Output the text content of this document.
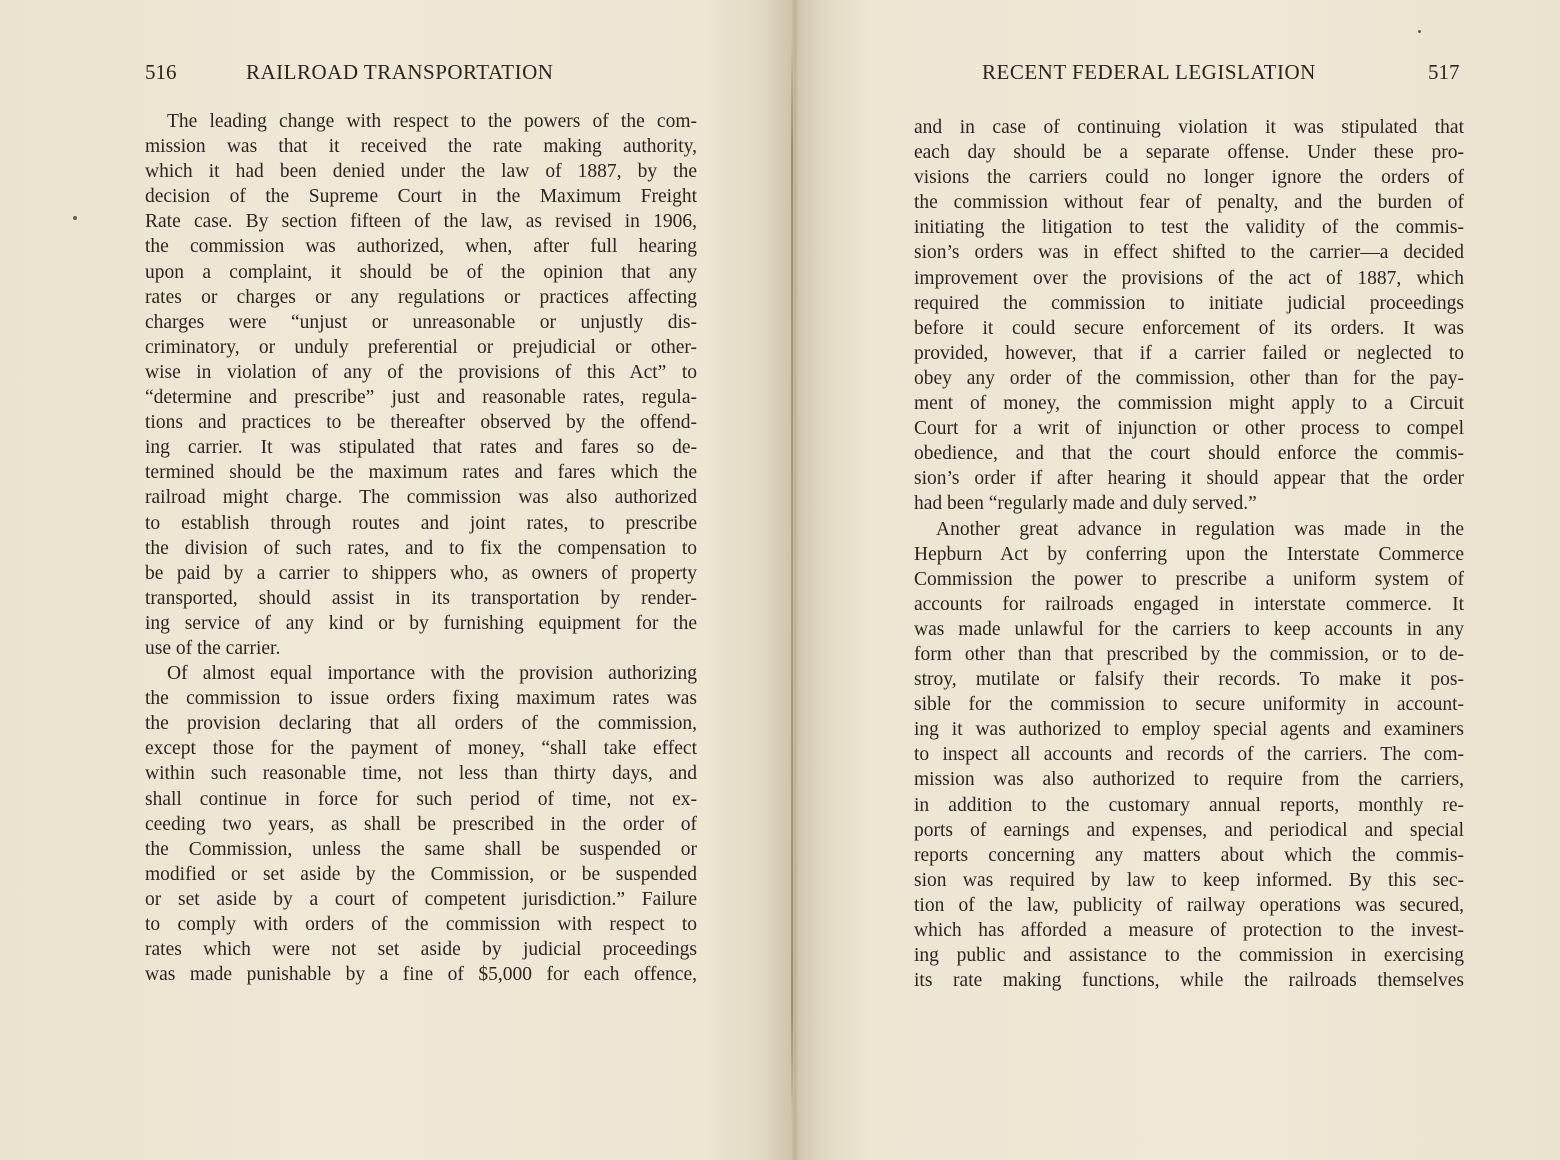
516	RAILROAD TRANSPORTATION
The leading change with respect to the powers of the com-
mission was that it received the rate making authority,
which it had been denied under the law of 1887, by the
decision of the Supreme Court in the Maximum Freight
Rate case. By section fifteen of the law, as revised in 1906,
the commission was authorized, when, after full hearing
upon a complaint, it should be of the opinion that any
rates or charges or any regulations or practices affecting
charges were “unjust or unreasonable or unjustly dis-
criminatory, or unduly preferential or prejudicial or other-
wise in violation of any of the provisions of this Act” to
“determine and prescribe” just and reasonable rates, regula-
tions and practices to be thereafter observed by the offend-
ing carrier. It was stipulated that rates and fares so de-
termined should be the maximum rates and fares which the
railroad might charge. The commission was also authorized
to establish through routes and joint rates, to prescribe
the division of such rates, and to fix the compensation to
be paid by a carrier to shippers who, as owners of property
transported, should assist in its transportation by render-
ing service of any kind or by furnishing equipment for the
use of the carrier.
Of almost equal importance with the provision authorizing
the commission to issue orders fixing maximum rates was
the provision declaring that all orders of the commission,
except those for the payment of money, “shall take effect
within such reasonable time, not less than thirty days, and
shall continue in force for such period of time, not ex-
ceeding two years, as shall be prescribed in the order of
the Commission, unless the same shall be suspended or
modified or set aside by the Commission, or be suspended
or set aside by a court of competent jurisdiction.” Failure
to comply with orders of the commission with respect to
rates which were not set aside by judicial proceedings
was made punishable by a fine of $5,000 for each offence,
RECENT FEDERAL LEGISLATION	517
and in case of continuing violation it was stipulated that
each day should be a separate offense. Under these pro-
visions the carriers could no longer ignore the orders of
the commission without fear of penalty, and the burden of
initiating the litigation to test the validity of the commis-
sion’s orders was in effect shifted to the carrier—a decided
improvement over the provisions of the act of 1887, which
required the commission to initiate judicial proceedings
before it could secure enforcement of its orders. It was
provided, however, that if a carrier failed or neglected to
obey any order of the commission, other than for the pay-
ment of money, the commission might apply to a Circuit
Court for a writ of injunction or other process to compel
obedience, and that the court should enforce the commis-
sion’s order if after hearing it should appear that the order
had been “regularly made and duly served.”
Another great advance in regulation was made in the
Hepburn Act by conferring upon the Interstate Commerce
Commission the power to prescribe a uniform system of
accounts for railroads engaged in interstate commerce. It
was made unlawful for the carriers to keep accounts in any
form other than that prescribed by the commission, or to de-
stroy, mutilate or falsify their records. To make it pos-
sible for the commission to secure uniformity in account-
ing it was authorized to employ special agents and examiners
to inspect all accounts and records of the carriers. The com-
mission was also authorized to require from the carriers,
in addition to the customary annual reports, monthly re-
ports of earnings and expenses, and periodical and special
reports concerning any matters about which the commis-
sion was required by law to keep informed. By this sec-
tion of the law, publicity of railway operations was secured,
which has afforded a measure of protection to the invest-
ing public and assistance to the commission in exercising
its rate making functions, while the railroads themselves
